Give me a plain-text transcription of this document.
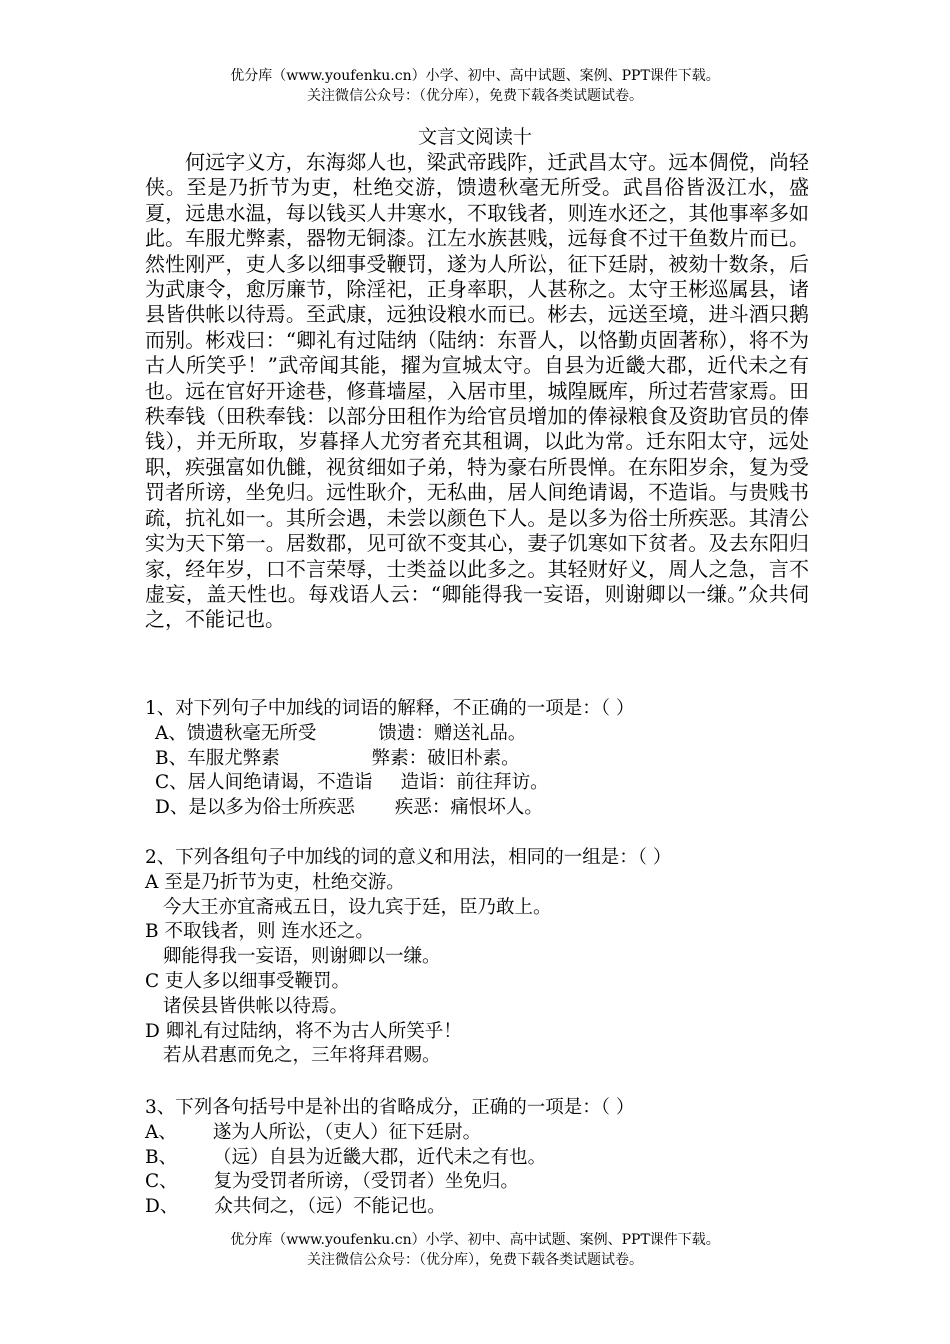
优分库（www.youfenku.cn）小学、初中、高中试题、案例、PPT课件下载。
关注微信公众号：（优分库），免费下载各类试题试卷。
文言文阅读十

何远字义方，东海郯人也，梁武帝践阼，迁武昌太守。远本倜傥，尚轻侠。至是乃折节为吏，杜绝交游，馈遗秋毫无所受。武昌俗皆汲江水，盛夏，远患水温，每以钱买人井寒水，不取钱者，则连水还之，其他事率多如此。车服尤弊素，器物无铜漆。江左水族甚贱，远每食不过干鱼数片而已。然性刚严，吏人多以细事受鞭罚，遂为人所讼，征下廷尉，被劾十数条，后为武康令，愈厉廉节，除淫祀，正身率职，人甚称之。太守王彬巡属县，诸县皆供帐以待焉。至武康，远独设粮水而已。彬去，远送至境，进斗酒只鹅而别。彬戏曰：“卿礼有过陆纳（陆纳：东晋人，以恪勤贞固著称），将不为古人所笑乎！”武帝闻其能，擢为宣城太守。自县为近畿大郡，近代未之有也。远在官好开途巷，修葺墙屋，入居市里，城隍厩库，所过若营家焉。田秩奉钱（田秩奉钱：以部分田租作为给官员增加的俸禄粮食及资助官员的俸钱），并无所取，岁暮择人尤穷者充其租调，以此为常。迁东阳太守，远处职，疾强富如仇雠，视贫细如子弟，特为豪右所畏惮。在东阳岁余，复为受罚者所谤，坐免归。远性耿介，无私曲，居人间绝请谒，不造诣。与贵贱书疏，抗礼如一。其所会遇，未尝以颜色下人。是以多为俗士所疾恶。其清公实为天下第一。居数郡，见可欲不变其心，妻子饥寒如下贫者。及去东阳归家，经年岁，口不言荣辱，士类益以此多之。其轻财好义，周人之急，言不虚妄，盖天性也。每戏语人云：“卿能得我一妄语，则谢卿以一缣。”众共伺之，不能记也。

1、对下列句子中加线的词语的解释，不正确的一项是：（ ）
A、馈遗秋毫无所受	馈遗：赠送礼品。
B、车服尤弊素	弊素：破旧朴素。
C、居人间绝请谒，不造诣 造诣：前往拜访。
D、是以多为俗士所疾恶 疾恶：痛恨坏人。
2、下列各组句子中加线的词的意义和用法，相同的一组是：（ ）
A 至是乃折节为吏，杜绝交游。
今大王亦宜斋戒五日，设九宾于廷，臣乃敢上。
B 不取钱者，则 连水还之。
卿能得我一妄语，则谢卿以一缣。
C 吏人多以细事受鞭罚。
诸侯县皆供帐以待焉。
D 卿礼有过陆纳，将不为古人所笑乎！
若从君惠而免之，三年将拜君赐。
3、下列各句括号中是补出的省略成分，正确的一项是：（ ）
A、 遂为人所讼，（吏人）征下廷尉。
B、 （远）自县为近畿大郡，近代未之有也。
C、 复为受罚者所谤，（受罚者）坐免归。
D、 众共伺之，（远）不能记也。
优分库（www.youfenku.cn）小学、初中、高中试题、案例、PPT课件下载。
关注微信公众号：（优分库），免费下载各类试题试卷。
